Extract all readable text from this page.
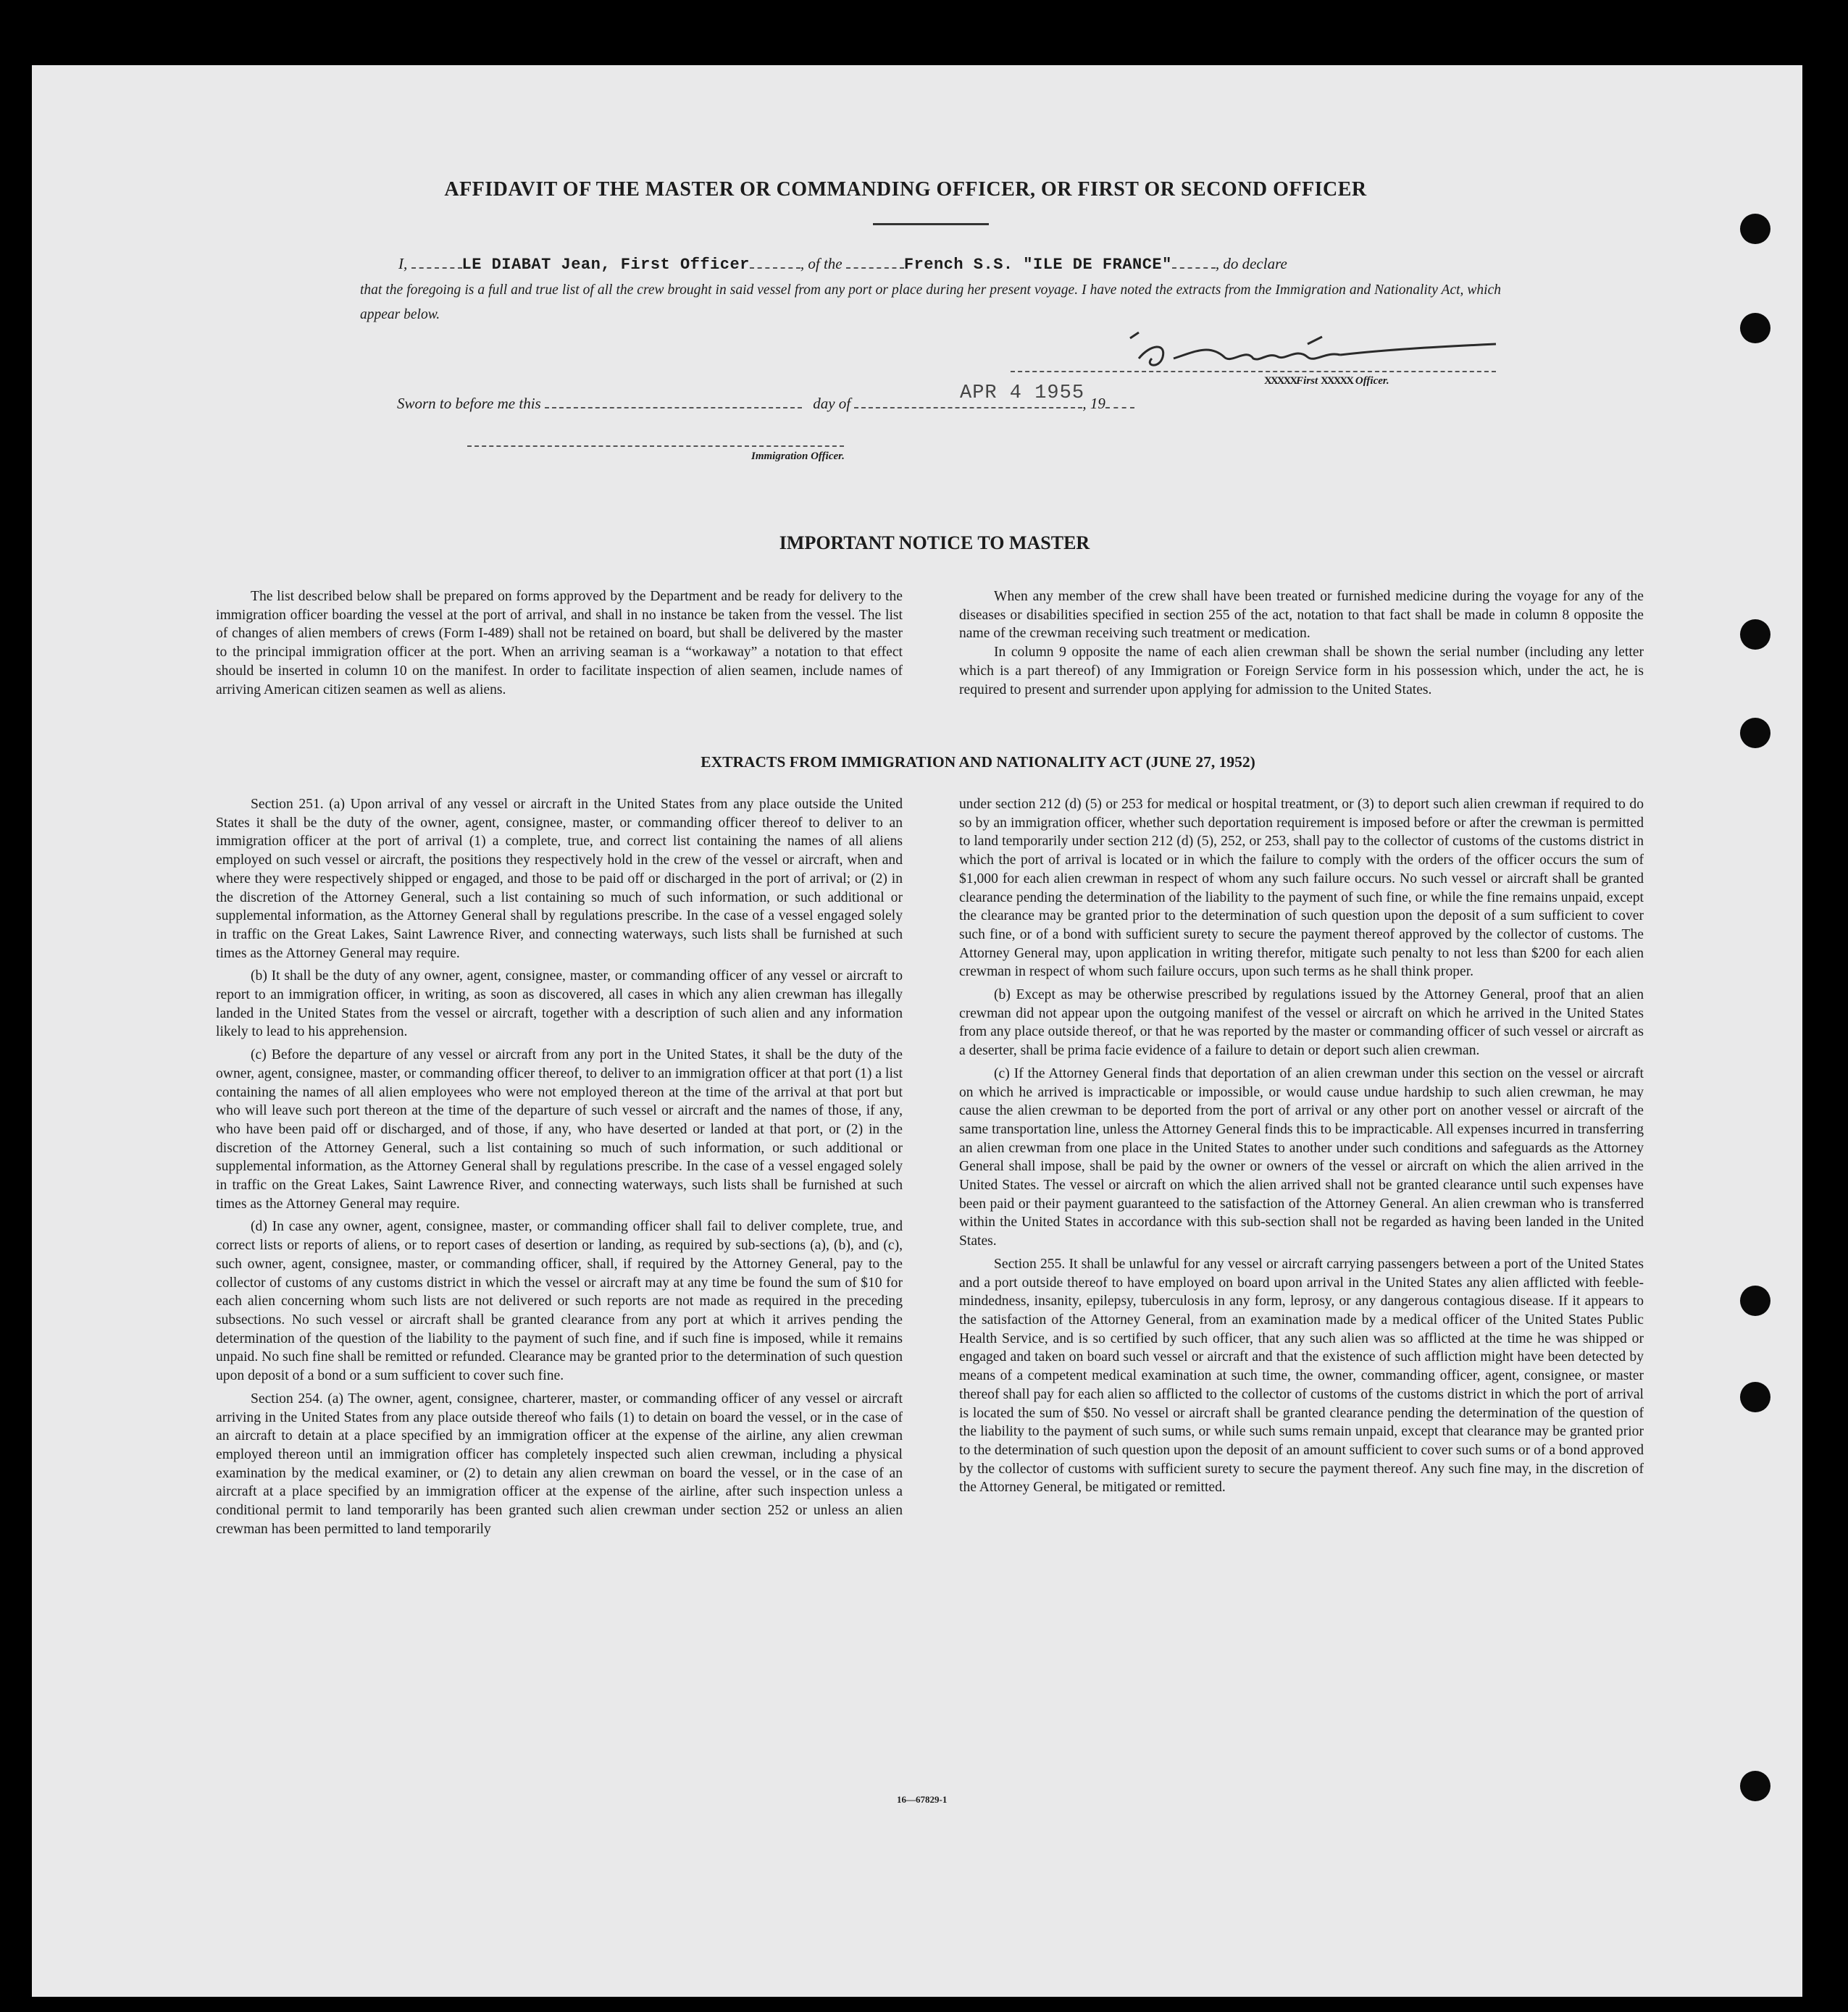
AFFIDAVIT OF THE MASTER OR COMMANDING OFFICER, OR FIRST OR SECOND OFFICER
I,	LE DIABAT Jean, First Officer	, of the	French S.S. "ILE DE FRANCE"	, do declare
that the foregoing is a full and true list of all the crew brought in said vessel from any port or place during her present voyage. I have noted the extracts from the Immigration and Nationality Act, which appear below.
XXXXXFirst XXXXX Officer.
Sworn to before me this	day of	, 19
APR 4 1955
Immigration Officer.
IMPORTANT NOTICE TO MASTER

The list described below shall be prepared on forms approved by the Department and be ready for delivery to the immigration officer boarding the vessel at the port of arrival, and shall in no instance be taken from the vessel. The list of changes of alien members of crews (Form I-489) shall not be retained on board, but shall be delivered by the master to the principal immigration officer at the port. When an arriving seaman is a “workaway” a notation to that effect should be inserted in column 10 on the manifest. In order to facilitate inspection of alien seamen, include names of arriving American citizen seamen as well as aliens.

When any member of the crew shall have been treated or furnished medicine during the voyage for any of the diseases or disabilities specified in section 255 of the act, notation to that fact shall be made in column 8 opposite the name of the crewman receiving such treatment or medication.

In column 9 opposite the name of each alien crewman shall be shown the serial number (including any letter which is a part thereof) of any Immigration or Foreign Service form in his possession which, under the act, he is required to present and surrender upon applying for admission to the United States.

EXTRACTS FROM IMMIGRATION AND NATIONALITY ACT (JUNE 27, 1952)

Section 251. (a) Upon arrival of any vessel or aircraft in the United States from any place outside the United States it shall be the duty of the owner, agent, consignee, master, or commanding officer thereof to deliver to an immigration officer at the port of arrival (1) a complete, true, and correct list containing the names of all aliens employed on such vessel or aircraft, the positions they respectively hold in the crew of the vessel or aircraft, when and where they were respectively shipped or engaged, and those to be paid off or discharged in the port of arrival; or (2) in the discretion of the Attorney General, such a list containing so much of such information, or such additional or supplemental information, as the Attorney General shall by regulations prescribe. In the case of a vessel engaged solely in traffic on the Great Lakes, Saint Lawrence River, and connecting waterways, such lists shall be furnished at such times as the Attorney General may require.

(b) It shall be the duty of any owner, agent, consignee, master, or commanding officer of any vessel or aircraft to report to an immigration officer, in writing, as soon as discovered, all cases in which any alien crewman has illegally landed in the United States from the vessel or aircraft, together with a description of such alien and any information likely to lead to his apprehension.

(c) Before the departure of any vessel or aircraft from any port in the United States, it shall be the duty of the owner, agent, consignee, master, or commanding officer thereof, to deliver to an immigration officer at that port (1) a list containing the names of all alien employees who were not employed thereon at the time of the arrival at that port but who will leave such port thereon at the time of the departure of such vessel or aircraft and the names of those, if any, who have been paid off or discharged, and of those, if any, who have deserted or landed at that port, or (2) in the discretion of the Attorney General, such a list containing so much of such information, or such additional or supplemental information, as the Attorney General shall by regulations prescribe. In the case of a vessel engaged solely in traffic on the Great Lakes, Saint Lawrence River, and connecting waterways, such lists shall be furnished at such times as the Attorney General may require.

(d) In case any owner, agent, consignee, master, or commanding officer shall fail to deliver complete, true, and correct lists or reports of aliens, or to report cases of desertion or landing, as required by sub-sections (a), (b), and (c), such owner, agent, consignee, master, or commanding officer, shall, if required by the Attorney General, pay to the collector of customs of any customs district in which the vessel or aircraft may at any time be found the sum of $10 for each alien concerning whom such lists are not delivered or such reports are not made as required in the preceding subsections. No such vessel or aircraft shall be granted clearance from any port at which it arrives pending the determination of the question of the liability to the payment of such fine, and if such fine is imposed, while it remains unpaid. No such fine shall be remitted or refunded. Clearance may be granted prior to the determination of such question upon deposit of a bond or a sum sufficient to cover such fine.

Section 254. (a) The owner, agent, consignee, charterer, master, or commanding officer of any vessel or aircraft arriving in the United States from any place outside thereof who fails (1) to detain on board the vessel, or in the case of an aircraft to detain at a place specified by an immigration officer at the expense of the airline, any alien crewman employed thereon until an immigration officer has completely inspected such alien crewman, including a physical examination by the medical examiner, or (2) to detain any alien crewman on board the vessel, or in the case of an aircraft at a place specified by an immigration officer at the expense of the airline, after such inspection unless a conditional permit to land temporarily has been granted such alien crewman under section 252 or unless an alien crewman has been permitted to land temporarily

under section 212 (d) (5) or 253 for medical or hospital treatment, or (3) to deport such alien crewman if required to do so by an immigration officer, whether such deportation requirement is imposed before or after the crewman is permitted to land temporarily under section 212 (d) (5), 252, or 253, shall pay to the collector of customs of the customs district in which the port of arrival is located or in which the failure to comply with the orders of the officer occurs the sum of $1,000 for each alien crewman in respect of whom any such failure occurs. No such vessel or aircraft shall be granted clearance pending the determination of the liability to the payment of such fine, or while the fine remains unpaid, except the clearance may be granted prior to the determination of such question upon the deposit of a sum sufficient to cover such fine, or of a bond with sufficient surety to secure the payment thereof approved by the collector of customs. The Attorney General may, upon application in writing therefor, mitigate such penalty to not less than $200 for each alien crewman in respect of whom such failure occurs, upon such terms as he shall think proper.

(b) Except as may be otherwise prescribed by regulations issued by the Attorney General, proof that an alien crewman did not appear upon the outgoing manifest of the vessel or aircraft on which he arrived in the United States from any place outside thereof, or that he was reported by the master or commanding officer of such vessel or aircraft as a deserter, shall be prima facie evidence of a failure to detain or deport such alien crewman.

(c) If the Attorney General finds that deportation of an alien crewman under this section on the vessel or aircraft on which he arrived is impracticable or impossible, or would cause undue hardship to such alien crewman, he may cause the alien crewman to be deported from the port of arrival or any other port on another vessel or aircraft of the same transportation line, unless the Attorney General finds this to be impracticable. All expenses incurred in transferring an alien crewman from one place in the United States to another under such conditions and safeguards as the Attorney General shall impose, shall be paid by the owner or owners of the vessel or aircraft on which the alien arrived in the United States. The vessel or aircraft on which the alien arrived shall not be granted clearance until such expenses have been paid or their payment guaranteed to the satisfaction of the Attorney General. An alien crewman who is transferred within the United States in accordance with this sub-section shall not be regarded as having been landed in the United States.

Section 255. It shall be unlawful for any vessel or aircraft carrying passengers between a port of the United States and a port outside thereof to have employed on board upon arrival in the United States any alien afflicted with feeble-mindedness, insanity, epilepsy, tuberculosis in any form, leprosy, or any dangerous contagious disease. If it appears to the satisfaction of the Attorney General, from an examination made by a medical officer of the United States Public Health Service, and is so certified by such officer, that any such alien was so afflicted at the time he was shipped or engaged and taken on board such vessel or aircraft and that the existence of such affliction might have been detected by means of a competent medical examination at such time, the owner, commanding officer, agent, consignee, or master thereof shall pay for each alien so afflicted to the collector of customs of the customs district in which the port of arrival is located the sum of $50. No vessel or aircraft shall be granted clearance pending the determination of the question of the liability to the payment of such sums, or while such sums remain unpaid, except that clearance may be granted prior to the determination of such question upon the deposit of an amount sufficient to cover such sums or of a bond approved by the collector of customs with sufficient surety to secure the payment thereof. Any such fine may, in the discretion of the Attorney General, be mitigated or remitted.

16—67829-1
